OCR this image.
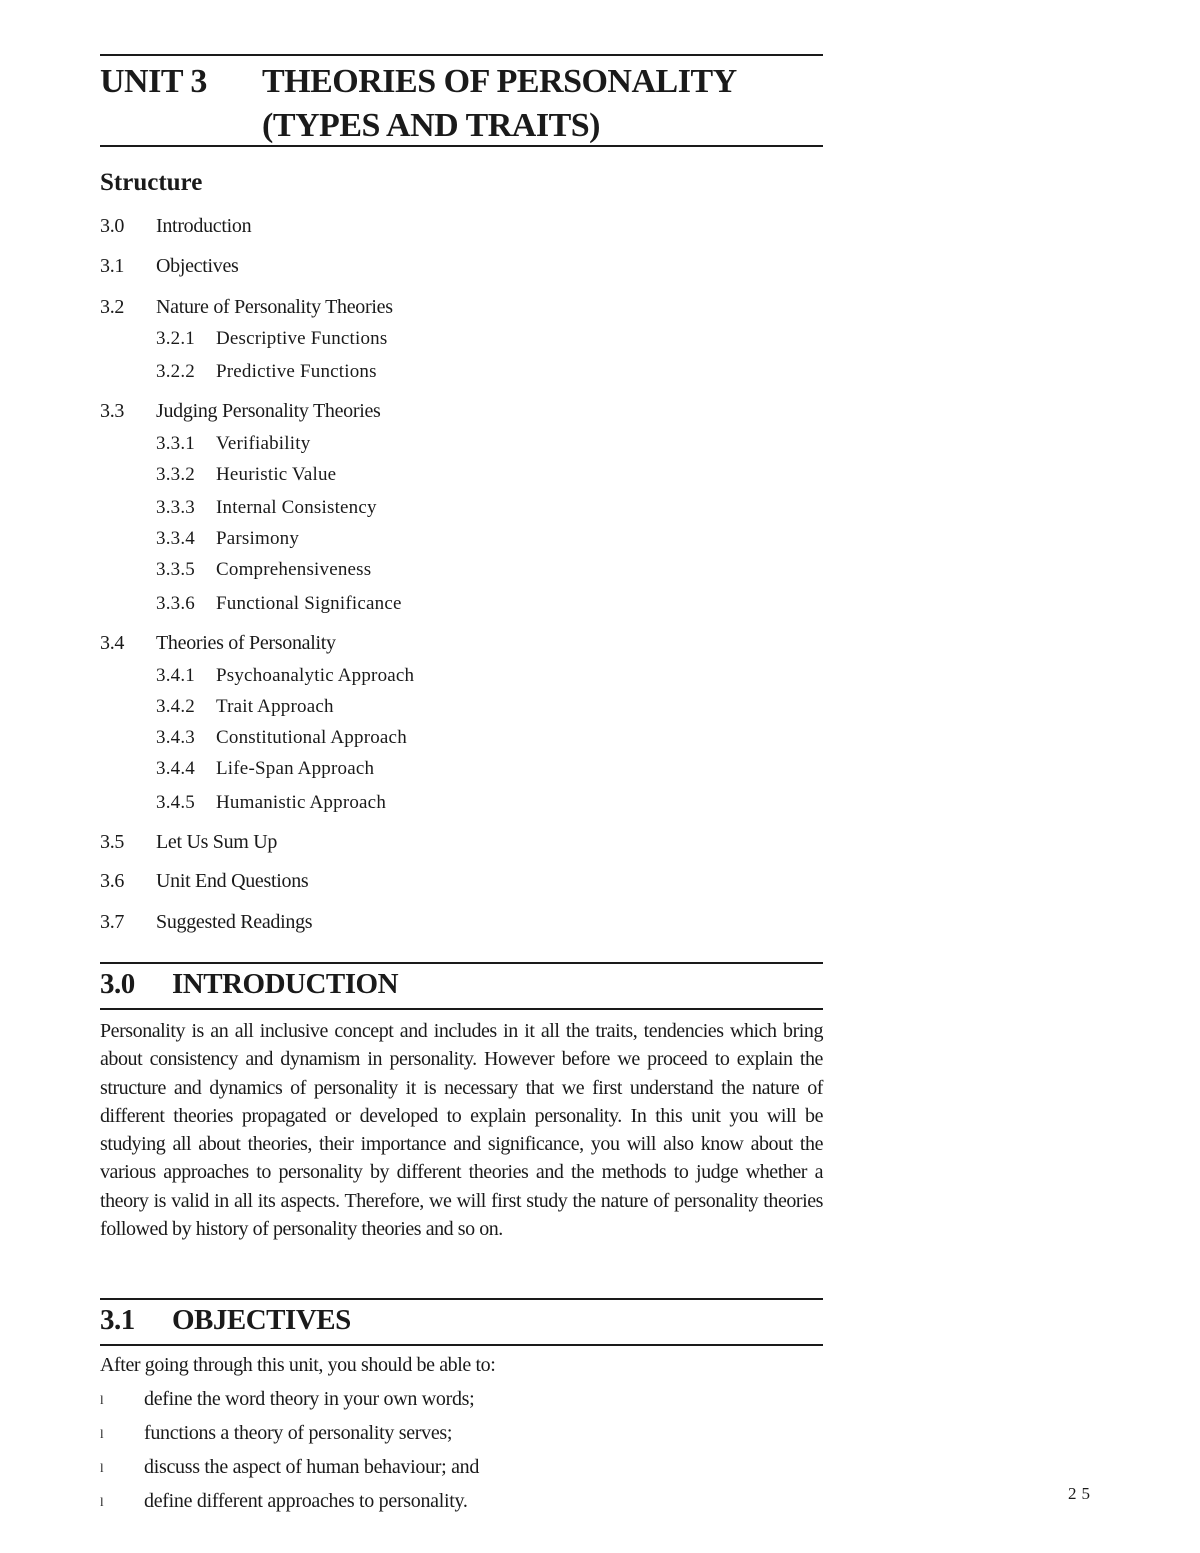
UNIT 3 THEORIES OF PERSONALITY
(TYPES AND TRAITS)
Structure
3.0 Introduction
3.1 Objectives
3.2 Nature of Personality Theories
3.2.1 Descriptive Functions
3.2.2 Predictive Functions
3.3 Judging Personality Theories
3.3.1 Verifiability
3.3.2 Heuristic Value
3.3.3 Internal Consistency
3.3.4 Parsimony
3.3.5 Comprehensiveness
3.3.6 Functional Significance
3.4 Theories of Personality
3.4.1 Psychoanalytic Approach
3.4.2 Trait Approach
3.4.3 Constitutional Approach
3.4.4 Life-Span Approach
3.4.5 Humanistic Approach
3.5 Let Us Sum Up
3.6 Unit End Questions
3.7 Suggested Readings
3.0 INTRODUCTION

Personality is an all inclusive concept and includes in it all the traits, tendencies which bring about consistency and dynamism in personality. However before we proceed to explain the structure and dynamics of personality it is necessary that we first understand the nature of different theories propagated or developed to explain personality. In this unit you will be studying all about theories, their importance and significance, you will also know about the various approaches to personality by different theories and the methods to judge whether a theory is valid in all its aspects. Therefore, we will first study the nature of personality theories followed by history of personality theories and so on.

3.1 OBJECTIVES
After going through this unit, you should be able to:
l define the word theory in your own words;
l functions a theory of personality serves;
l discuss the aspect of human behaviour; and
l define different approaches to personality.	25
